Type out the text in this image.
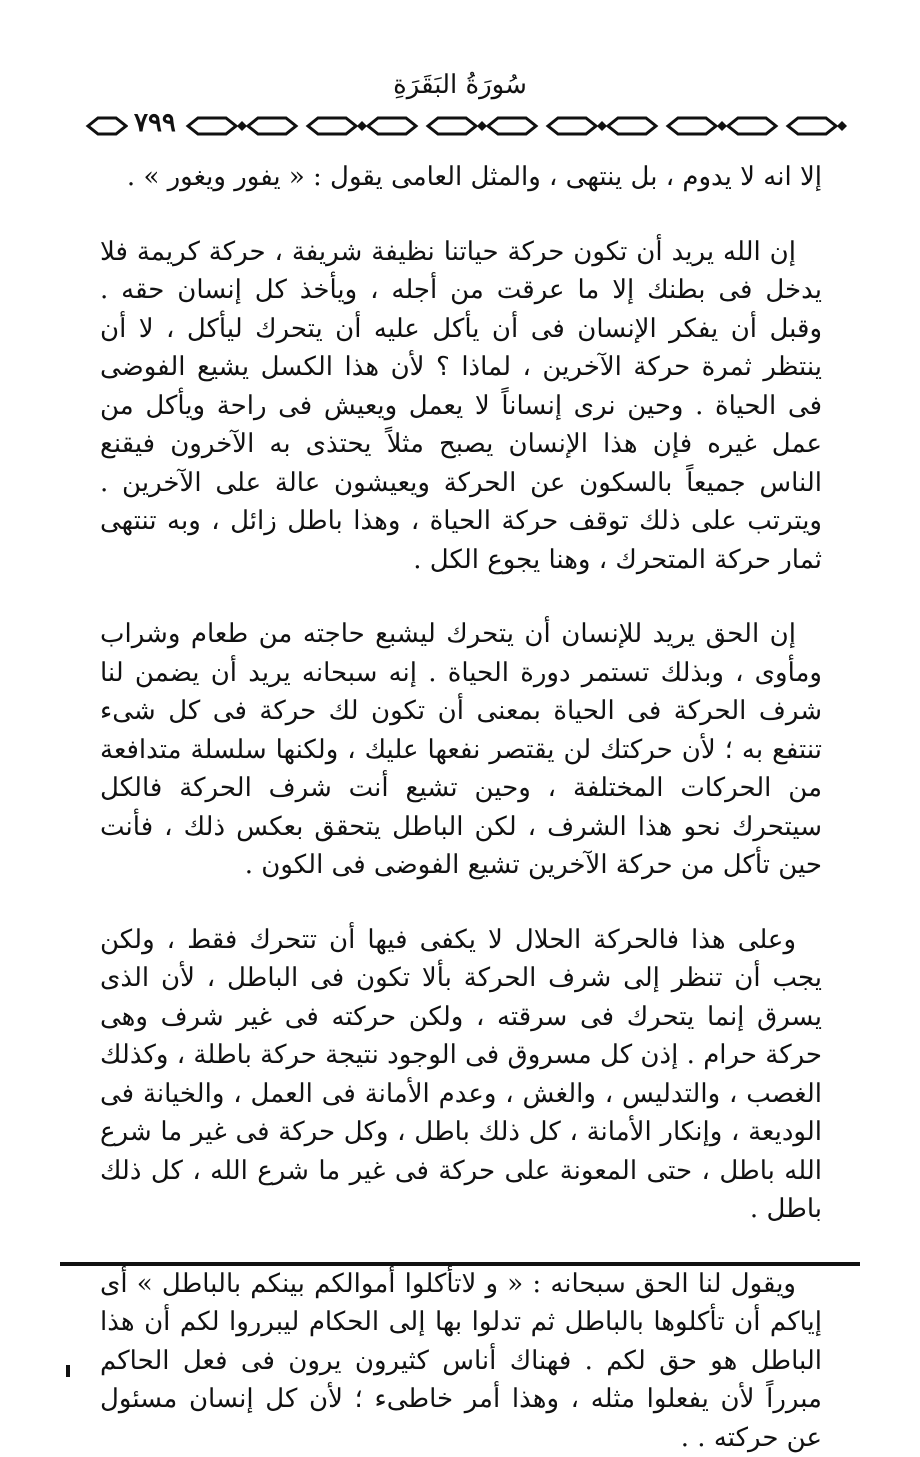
سُورَةُ البَقَرَةِ
٧٩٩

إلا انه لا يدوم ، بل ينتهى ، والمثل العامى يقول : « يفور ويغور » .

إن الله يريد أن تكون حركة حياتنا نظيفة شريفة ، حركة كريمة فلا يدخل فى بطنك إلا ما عرقت من أجله ، ويأخذ كل إنسان حقه . وقبل أن يفكر الإنسان فى أن يأكل عليه أن يتحرك ليأكل ، لا أن ينتظر ثمرة حركة الآخرين ، لماذا ؟ لأن هذا الكسل يشيع الفوضى فى الحياة . وحين نرى إنساناً لا يعمل ويعيش فى راحة ويأكل من عمل غيره فإن هذا الإنسان يصبح مثلاً يحتذى به الآخرون فيقنع الناس جميعاً بالسكون عن الحركة ويعيشون عالة على الآخرين . ويترتب على ذلك توقف حركة الحياة ، وهذا باطل زائل ، وبه تنتهى ثمار حركة المتحرك ، وهنا يجوع الكل .

إن الحق يريد للإنسان أن يتحرك ليشبع حاجته من طعام وشراب ومأوى ، وبذلك تستمر دورة الحياة . إنه سبحانه يريد أن يضمن لنا شرف الحركة فى الحياة بمعنى أن تكون لك حركة فى كل شىء تنتفع به ؛ لأن حركتك لن يقتصر نفعها عليك ، ولكنها سلسلة متدافعة من الحركات المختلفة ، وحين تشيع أنت شرف الحركة فالكل سيتحرك نحو هذا الشرف ، لكن الباطل يتحقق بعكس ذلك ، فأنت حين تأكل من حركة الآخرين تشيع الفوضى فى الكون .

وعلى هذا فالحركة الحلال لا يكفى فيها أن تتحرك فقط ، ولكن يجب أن تنظر إلى شرف الحركة بألا تكون فى الباطل ، لأن الذى يسرق إنما يتحرك فى سرقته ، ولكن حركته فى غير شرف وهى حركة حرام . إذن كل مسروق فى الوجود نتيجة حركة باطلة ، وكذلك الغصب ، والتدليس ، والغش ، وعدم الأمانة فى العمل ، والخيانة فى الوديعة ، وإنكار الأمانة ، كل ذلك باطل ، وكل حركة فى غير ما شرع الله باطل ، حتى المعونة على حركة فى غير ما شرع الله ، كل ذلك باطل .

ويقول لنا الحق سبحانه : « و لاتأكلوا أموالكم بينكم بالباطل » أى إياكم أن تأكلوها بالباطل ثم تدلوا بها إلى الحكام ليبرروا لكم أن هذا الباطل هو حق لكم . فهناك أناس كثيرون يرون فى فعل الحاكم مبرراً لأن يفعلوا مثله ، وهذا أمر خاطىء ؛ لأن كل إنسان مسئول عن حركته . .
